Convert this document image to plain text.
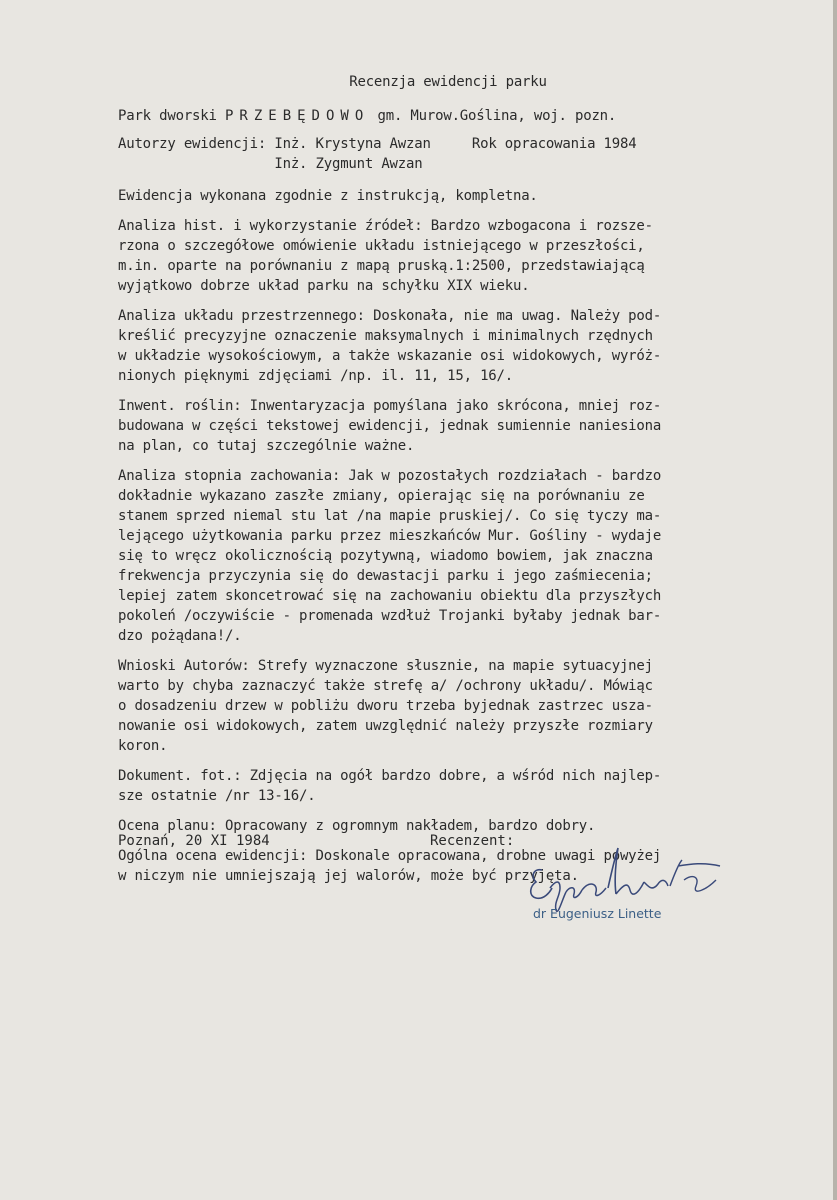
Recenzja ewidencji parku
Park dworski PRZEBĘDOWO gm. Murow.Goślina, woj. pozn.
Autorzy ewidencji: Inż. Krystyna Awzan	Rok opracowania 1984
Inż. Zygmunt Awzan

Ewidencja wykonana zgodnie z instrukcją, kompletna.

Analiza hist. i wykorzystanie źródeł: Bardzo wzbogacona i rozsze-
rzona o szczegółowe omówienie układu istniejącego w przeszłości,
m.in. oparte na porównaniu z mapą pruską.1:2500, przedstawiającą
wyjątkowo dobrze układ parku na schyłku XIX wieku.

Analiza układu przestrzennego: Doskonała, nie ma uwag. Należy pod-
kreślić precyzyjne oznaczenie maksymalnych i minimalnych rzędnych
w układzie wysokościowym, a także wskazanie osi widokowych, wyróż-
nionych pięknymi zdjęciami /np. il. 11, 15, 16/.

Inwent. roślin: Inwentaryzacja pomyślana jako skrócona, mniej roz-
budowana w części tekstowej ewidencji, jednak sumiennie naniesiona
na plan, co tutaj szczególnie ważne.

Analiza stopnia zachowania: Jak w pozostałych rozdziałach - bardzo
dokładnie wykazano zaszłe zmiany, opierając się na porównaniu ze
stanem sprzed niemal stu lat /na mapie pruskiej/. Co się tyczy ma-
lejącego użytkowania parku przez mieszkańców Mur. Gośliny - wydaje
się to wręcz okolicznością pozytywną, wiadomo bowiem, jak znaczna
frekwencja przyczynia się do dewastacji parku i jego zaśmiecenia;
lepiej zatem skoncetrować się na zachowaniu obiektu dla przyszłych
pokoleń /oczywiście - promenada wzdłuż Trojanki byłaby jednak bar-
dzo pożądana!/.

Wnioski Autorów: Strefy wyznaczone słusznie, na mapie sytuacyjnej
warto by chyba zaznaczyć także strefę a/ /ochrony układu/. Mówiąc
o dosadzeniu drzew w pobliżu dworu trzeba byjednak zastrzec uszа-
nowanie osi widokowych, zatem uwzględnić należy przyszłe rozmiary
koron.

Dokument. fot.: Zdjęcia na ogół bardzo dobre, a wśród nich najlep-
sze ostatnie /nr 13-16/.

Ocena planu: Opracowany z ogromnym nakładem, bardzo dobry.

Ogólna ocena ewidencji: Doskonale opracowana, drobne uwagi powyżej
w niczym nie umniejszają jej walorów, może być przyjęta.

Poznań, 20 XI 1984	Recenzent:
dr Eugeniusz Linette
